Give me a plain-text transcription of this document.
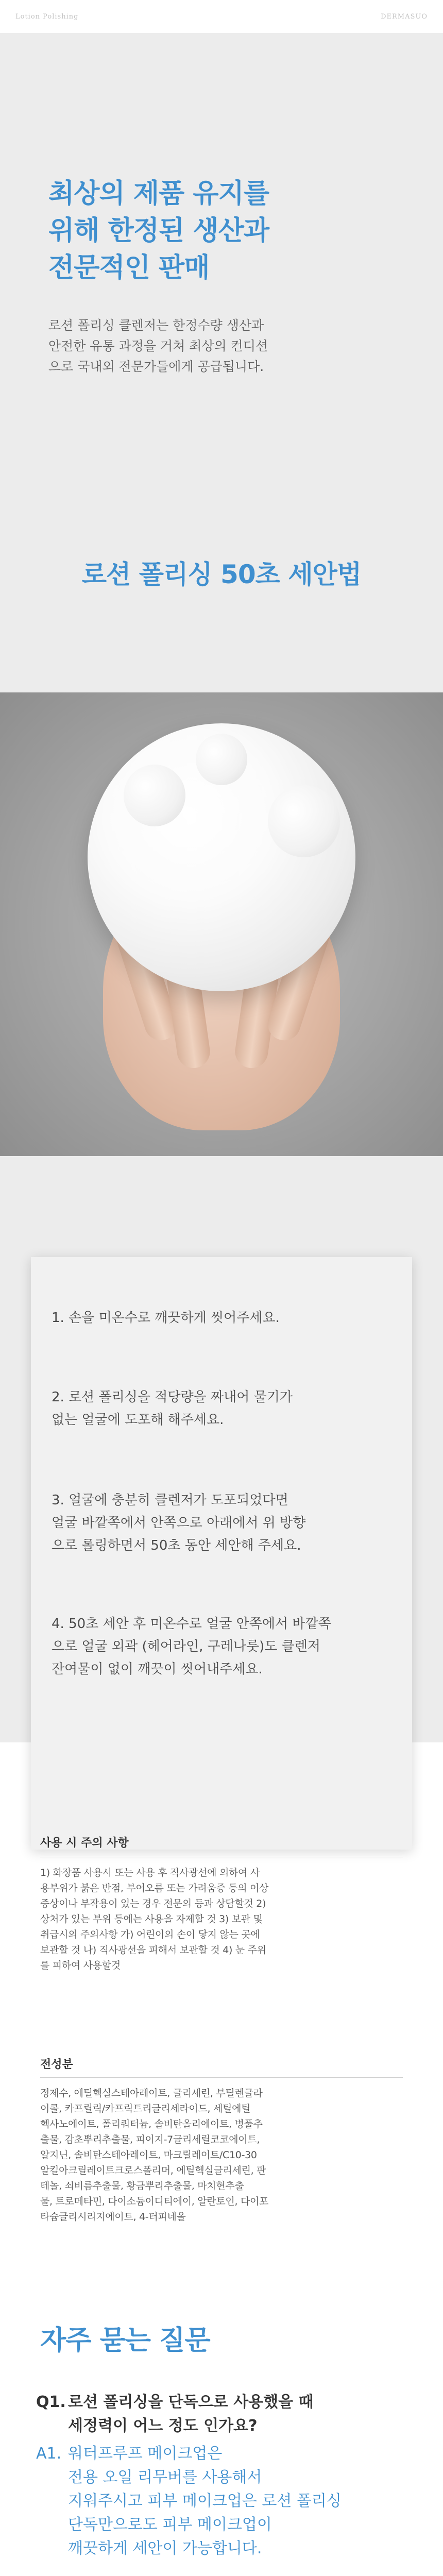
Lotion Polishing	DERMASUO
최상의 제품 유지를
위해 한정된 생산과
전문적인 판매
로션 폴리싱 클렌저는 한정수량 생산과
안전한 유통 과정을 거쳐 최상의 컨디션
으로 국내외 전문가들에게 공급됩니다.
로션 폴리싱 50초 세안법
1. 손을 미온수로 깨끗하게 씻어주세요.
2. 로션 폴리싱을 적당량을 짜내어 물기가
없는 얼굴에 도포해 해주세요.
3. 얼굴에 충분히 클렌저가 도포되었다면
얼굴 바깥쪽에서 안쪽으로 아래에서 위 방향
으로 롤링하면서 50초 동안 세안해 주세요.
4. 50초 세안 후 미온수로 얼굴 안쪽에서 바깥쪽
으로 얼굴 외곽 (헤어라인, 구레나룻)도 클렌저
잔여물이 없이 깨끗이 씻어내주세요.
사용 시 주의 사항
1) 화장품 사용시 또는 사용 후 직사광선에 의하여 사
용부위가 붉은 반점, 부어오름 또는 가려움증 등의 이상
증상이나 부작용이 있는 경우 전문의 등과 상담할것 2)
상처가 있는 부위 등에는 사용을 자제할 것 3) 보관 및
취급시의 주의사항 가) 어린이의 손이 닿지 않는 곳에
보관할 것 나) 직사광선을 피해서 보관할 것 4) 눈 주위
를 피하여 사용할것
전성분
정제수, 에틸헥실스테아레이트, 글리세린, 부틸렌글라
이콜, 카프릴릭/카프릭트리글리세라이드, 세틸에틸
헥사노에이트, 폴리쿼터늄, 솔비탄올리에이트, 병풀추
출물, 감초뿌리추출물, 피이지-7글리세릴코코에이트,
알지닌, 솔비탄스테아레이트, 마크릴레이트/C10-30
알킬아크릴레이트크로스폴리머, 에틸헥실글리세린, 판
테놀, 쇠비름추출물, 황금뿌리추출물, 마치현추출
물, 트로메타민, 다이소듐이디티에이, 알란토인, 다이포
타슘글리시리지에이트, 4-터피네올
자주 묻는 질문
Q1. 로션 폴리싱을 단독으로 사용했을 때
세정력이 어느 정도 인가요?
A1. 워터프루프 메이크업은
전용 오일 리무버를 사용해서
지워주시고 피부 메이크업은 로션 폴리싱
단독만으로도 피부 메이크업이
깨끗하게 세안이 가능합니다.
